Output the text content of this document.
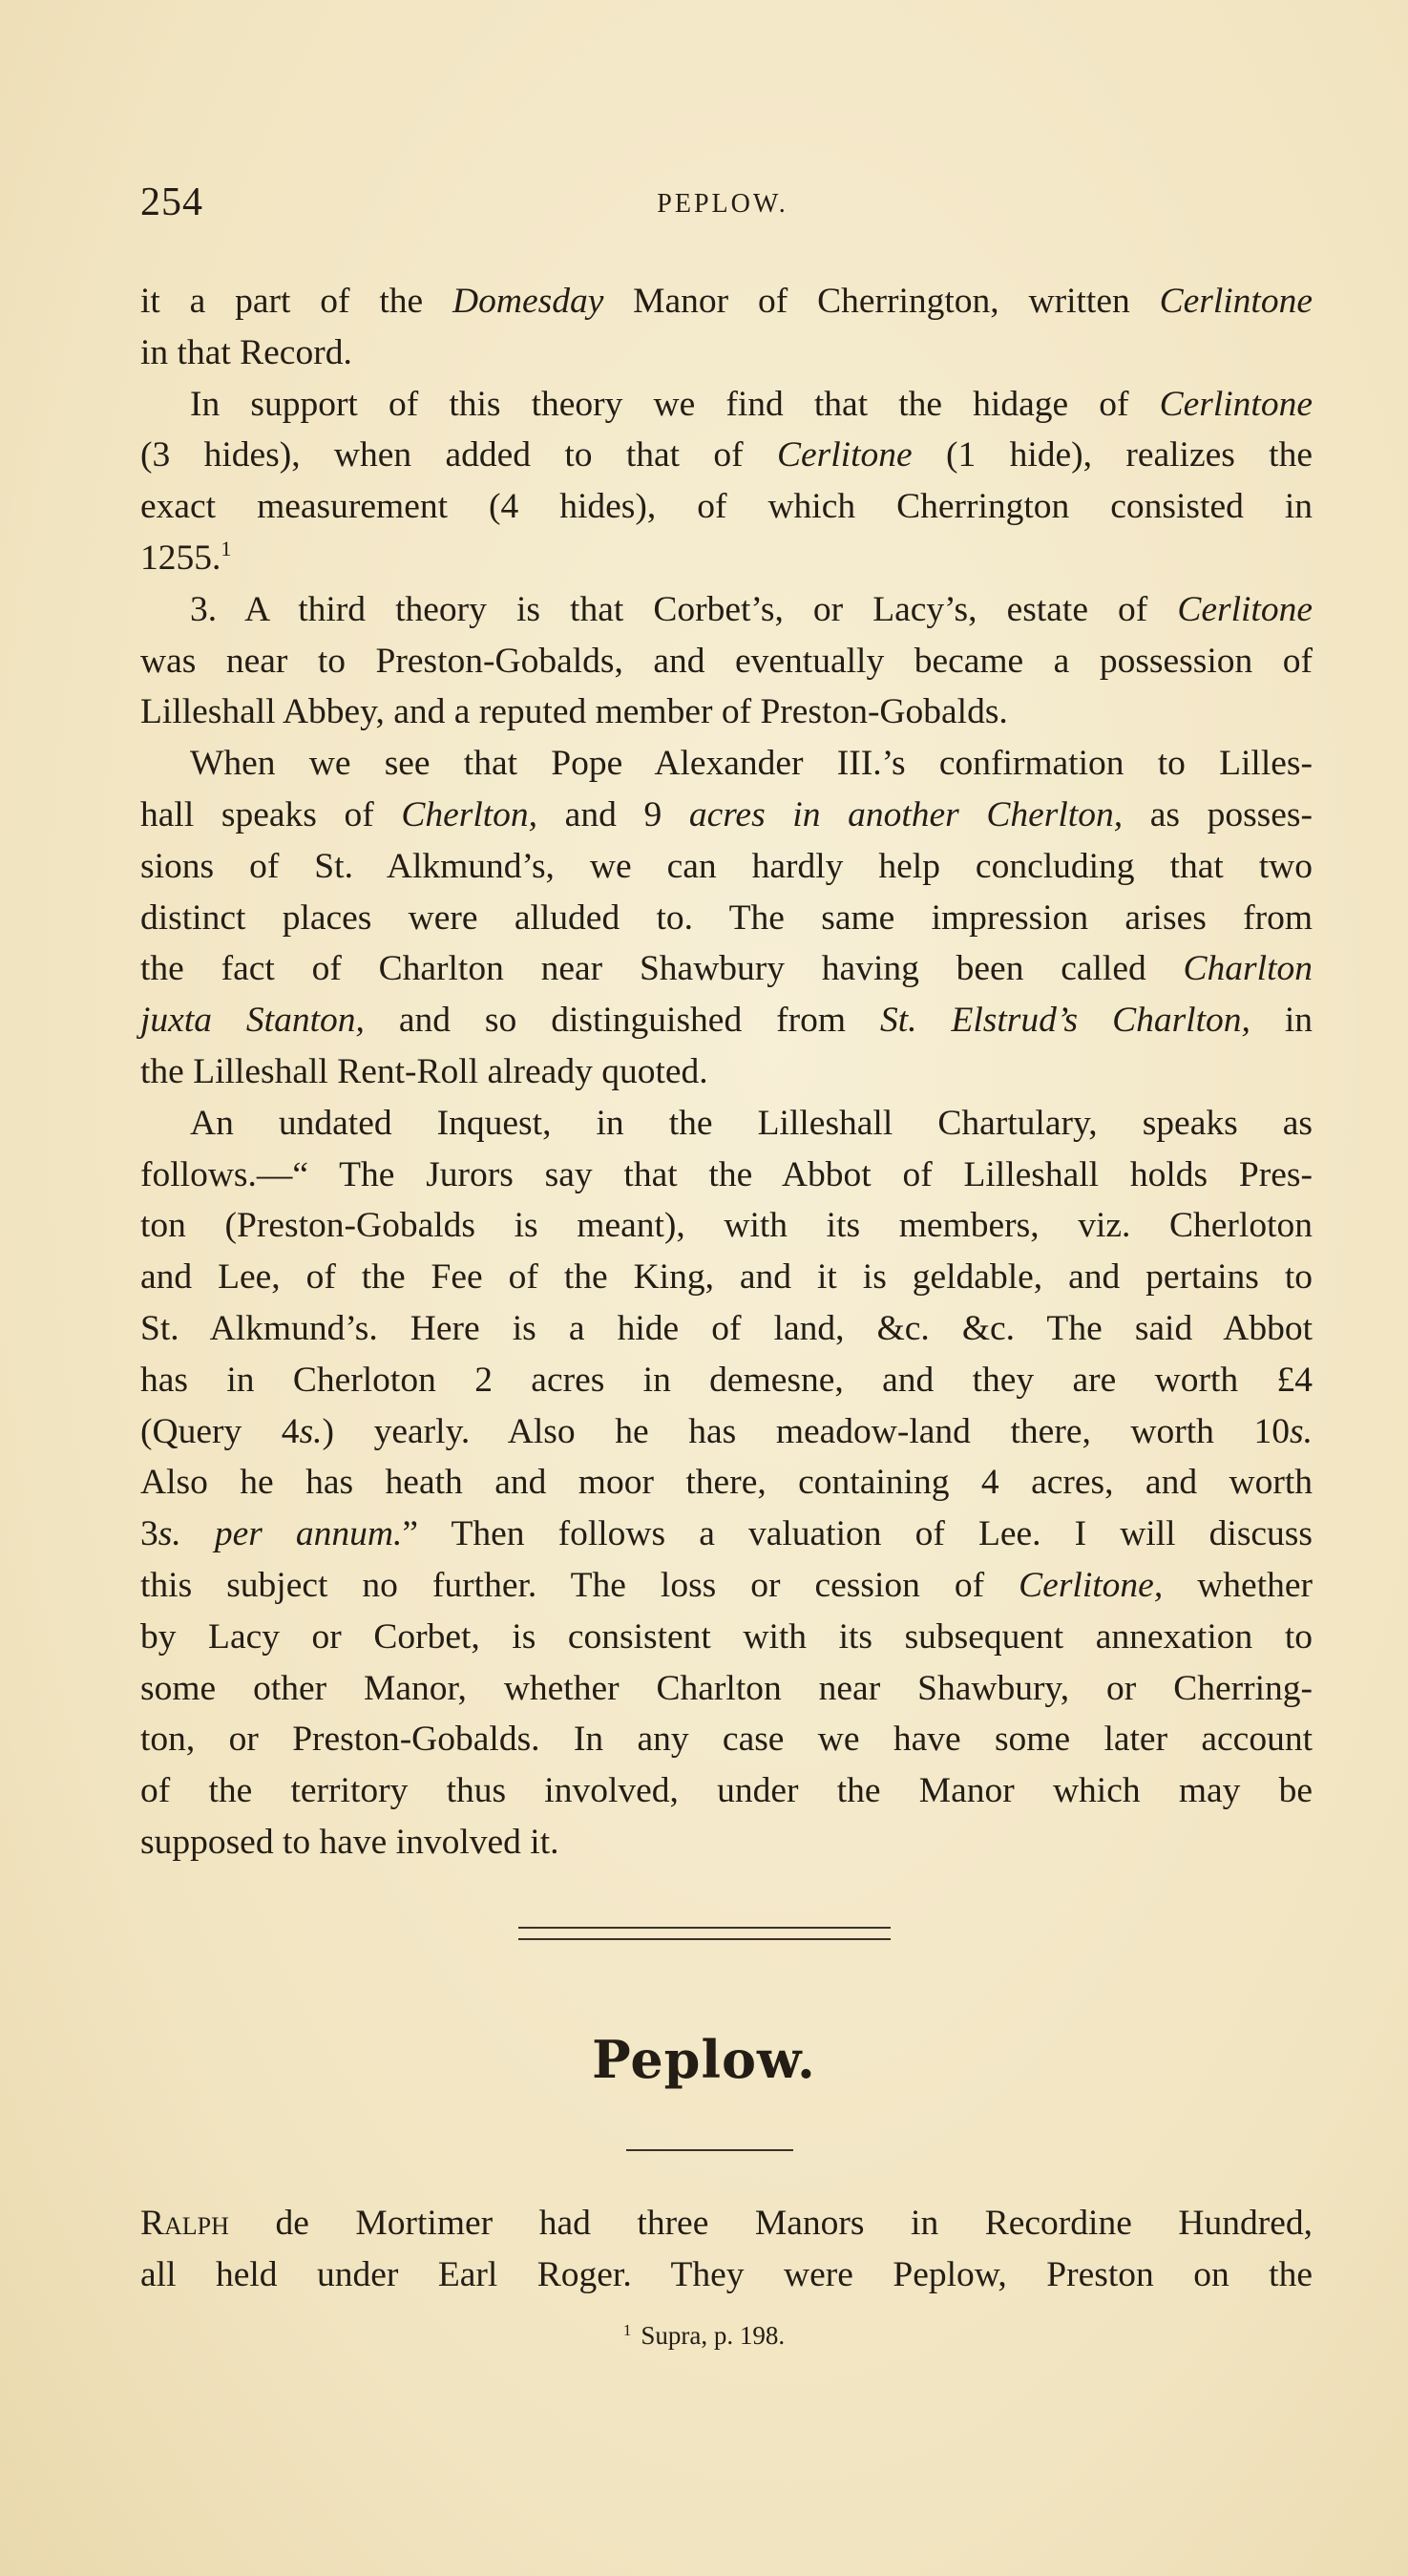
254	PEPLOW.
it a part of the Domesday Manor of Cherrington, written Cerlintone
in that Record.
In support of this theory we find that the hidage of Cerlintone
(3 hides), when added to that of Cerlitone (1 hide), realizes the
exact measurement (4 hides), of which Cherrington consisted in
1255.$^1$
3. A third theory is that Corbet’s, or Lacy’s, estate of Cerlitone
was near to Preston-Gobalds, and eventually became a possession of
Lilleshall Abbey, and a reputed member of Preston-Gobalds.
When we see that Pope Alexander III.’s confirmation to Lilles-
hall speaks of Cherlton, and 9 acres in another Cherlton, as posses-
sions of St. Alkmund’s, we can hardly help concluding that two
distinct places were alluded to. The same impression arises from
the fact of Charlton near Shawbury having been called Charlton
juxta Stanton, and so distinguished from St. Elstrud’s Charlton, in
the Lilleshall Rent-Roll already quoted.
An undated Inquest, in the Lilleshall Chartulary, speaks as
follows.—“ The Jurors say that the Abbot of Lilleshall holds Pres-
ton (Preston-Gobalds is meant), with its members, viz. Cherloton
and Lee, of the Fee of the King, and it is geldable, and pertains to
St. Alkmund’s. Here is a hide of land, &c. &c. The said Abbot
has in Cherloton 2 acres in demesne, and they are worth £4
(Query 4s.) yearly. Also he has meadow-land there, worth 10s.
Also he has heath and moor there, containing 4 acres, and worth
3s. per annum.” Then follows a valuation of Lee. I will discuss
this subject no further. The loss or cession of Cerlitone, whether
by Lacy or Corbet, is consistent with its subsequent annexation to
some other Manor, whether Charlton near Shawbury, or Cherring-
ton, or Preston-Gobalds. In any case we have some later account
of the territory thus involved, under the Manor which may be
supposed to have involved it.
Peplow.
Ralph de Mortimer had three Manors in Recordine Hundred,
all held under Earl Roger. They were Peplow, Preston on the
$^1$ Supra, p. 198.
